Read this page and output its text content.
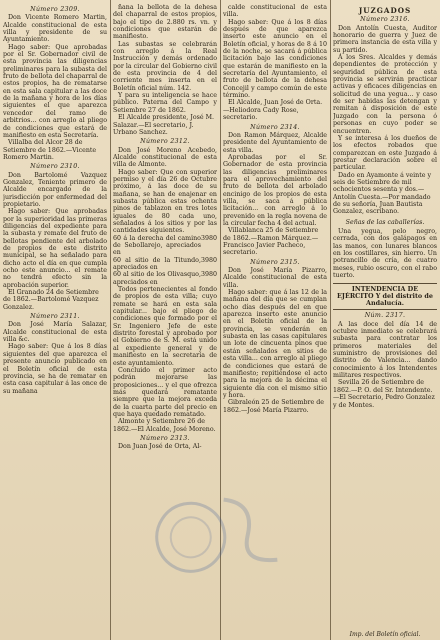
Número 2309.

Don Vicente Romero Martin, Alcalde constitucional de esta villa y presidente de su Ayuntamiento.

Hago saber: Que aprobadas por el Sr. Gobernador civil de esta provincia las diligencias preliminares para la subasta del fruto de bellota del chaparral de estos propios, ha de rematarse en esta sala capitular a las doce de la mañana y hora de los días siguientes el que aparezca vencedor del ramo de arbitrios... con arreglo al pliego de condiciones que estará de manifiesto en esta Secretaría.

Villalba del Alcor 28 de Setiembre de 1862.—Vicente Romero Martin.

Número 2310.

Don Bartolomé Vazquez Gonzalez, Teniente primero de Alcalde encargado de la jurisdicción por enfermedad del propietario.

Hago saber: Que aprobadas por la superioridad las primeras diligencias del expediente para la subasta y remate del fruto de bellotas pendiente del arbolado de propios de este distrito municipal, se ha señalado para dicho acto el día en que cumpla ocho este anuncio... el remate no tendrá efecto sin la aprobación superior.

El Granado 24 de Setiembre de 1862.—Bartolomé Vazquez Gonzalez.

Número 2311.

Don José María Salazar, Alcalde constitucional de esta villa &c.

Hago saber: Que á los 8 días siguientes del que aparezca el presente anuncio publicado en el Boletín oficial de esta provincia, se ha de rematar en esta casa capitular á las once de su mañana

ñana la bellota de la dehesa del chaparral de estos propios, bajo el tipo de 2.880 rs. vn. y condiciones que estarán de manifiesto.

Las subastas se celebrarán con arreglo á la Real Instrucción y demás ordenado por la circular del Gobierno civil de esta provincia de 4 del corriente mes inserta en el Boletín oficial núm. 142.

Y para su inteligencia se hace público. Paterna del Campo y Setiembre 27 de 1862.

El Alcalde presidente, José M. Salazar.—El secretario, J. Urbano Sanchez.

Número 2312.

Don José Moreno Acebedo, Alcalde constitucional de esta villa de Almonte.

Hago saber: Que con superior permiso y el día 26 de Octubre próximo, á las doce de su mañana, se han de enajenar en subasta pública estas ochenta pinos de tablazon en tres lotes iguales de 80 cada uno, señalados á los sitios y por las cantidades siguientes.

60 á la derecha del camino de Sebollarejo, apreciados en
3980
60 al sitio de la Titundo, apreciados en
3980
60 al sitio de los Olivasquo, apreciados en
3980

Todos pertenecientes al fondo de propios de esta villa; cuyo remate se hará en esta sala capitular... bajo el pliego de condiciones que formado por el Sr. Ingeniero Jefe de este distrito forestal y aprobado por el Gobierno de S. M. está unido al expediente general y de manifiesto en la secretaría de este ayuntamiento.

Concluido el primer acto podrán mejorarse las proposiciones... y el que ofrezca más quedará rematante siempre que la mejora exceda de la cuarta parte del precio en que haya quedado rematado.

Almonte y Setiembre 26 de 1862.—El Alcalde, José Moreno.

Número 2313.

Don Juan José de Orta, Al-

calde constitucional de esta villa.

Hago saber: Que á los 8 días después de que aparezca inserto este anuncio en el Boletín oficial, y horas de 8 á 10 de la noche, se sacará á pública licitación bajo las condiciones que estarán de manifiesto en la secretaría del Ayuntamiento, el fruto de bellota de la dehesa Concejil y campo común de este término.

El Alcalde, Juan José de Orta.—Heliodora Cady Rose, secretario.

Número 2314.

Don Ramon Márquez, Alcalde presidente del Ayuntamiento de esta villa.

Aprobadas por el Sr. Gobernador de esta provincia las diligencias preliminares para el aprovechamiento del fruto de bellota del arbolado encinigo de los propios de esta villa, se saca á pública licitación... con arreglo á lo prevenido en la regla novena de la circular fecha 4 del actual.

Villablanca 25 de Setiembre de 1862.—Ramon Márquez.—Francisco Javier Pacheco, secretario.

Número 2315.

Don José María Pizarro, Alcalde constitucional de esta villa.

Hago saber: que á las 12 de la mañana del día que se cumplan ocho días después del en que aparezca inserto este anuncio en el Boletín oficial de la provincia, se venderán en subasta en las casas capitulares un lote de cincuenta pinos que están señalados en sitios de esta villa... con arreglo al pliego de condiciones que estará de manifiesto; repitiéndose el acto para la mejora de la décima el siguiente día con el mismo sitio y hora.

Gibraleón 25 de Setiembre de 1862.—José María Pizarro.

JUZGADOS
Número 2316.

Don Antolín Cuesta, Auditor honorario de guerra y Juez de primera instancia de esta villa y su partido.

Á los Sres. Alcaldes y demás dependientes de protección y seguridad pública de esta provincia se servirán practicar activas y eficaces diligencias en solicitud de una yegua... y caso de ser habidas las detengan y remitan á disposición de este Juzgado con la persona ó personas en cuyo poder se encuentren.

Y se interesa á los dueños de los efectos robados que comparezcan en este Juzgado á prestar declaración sobre el particular.

Dado en Ayamonte á veinte y seis de Setiembre de mil ochocientos sesenta y dos.—Antolín Cuesta.—Por mandado de su señoría, Juan Bautista Gonzalez, escribano.

Señas de las caballerías.

Una yegua, pelo negro, cerrada, con dos galápagos en las manos, con lunares blancos en los costillares, sin hierro. Un potrancillo de cría, de cuatro meses, rubio oscuro, con el rabo tuerto.

INTENDENCIA DE EJÉRCITO Y del distrito de Andalucía.
Núm. 2317.

A las doce del día 14 de octubre inmediato se celebrará subasta para contratar los primeros materiales del suministro de provisiones del distrito de Valencia... dando conocimiento á los Intendentes militares respectivos.

Sevilla 26 de Setiembre de 1862.—P. O. del Sr. Intendente.—El Secretario, Pedro Gonzalez y de Montes.

Imp. del Boletín oficial.
